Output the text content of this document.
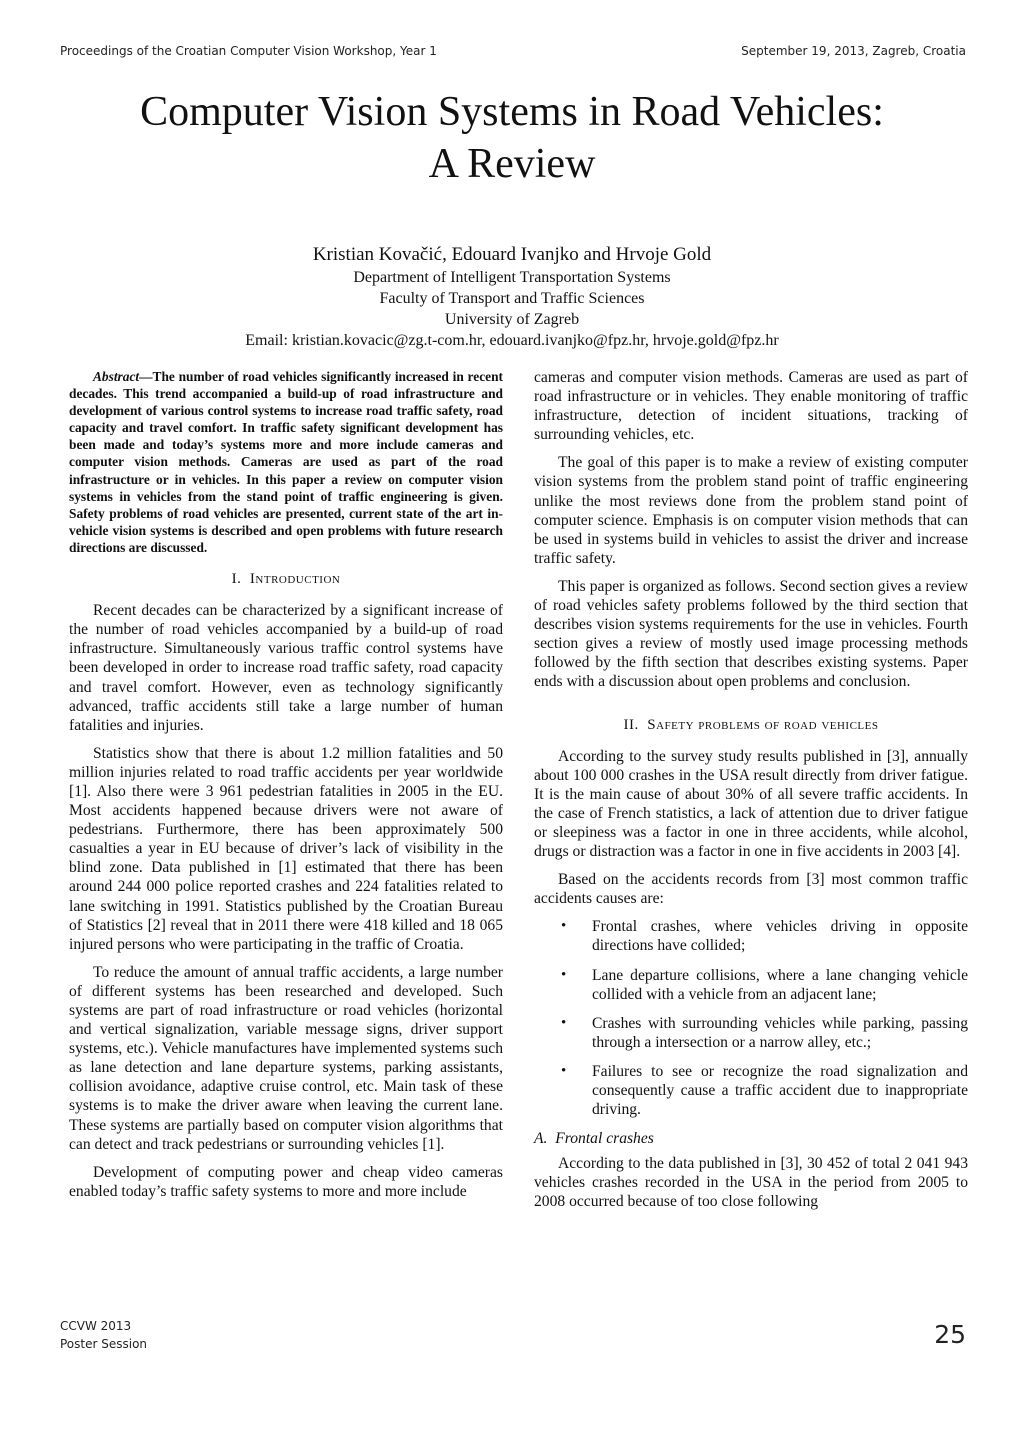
Proceedings of the Croatian Computer Vision Workshop, Year 1	September 19, 2013, Zagreb, Croatia
Computer Vision Systems in Road Vehicles:
A Review
Kristian Kovačić, Edouard Ivanjko and Hrvoje Gold
Department of Intelligent Transportation Systems
Faculty of Transport and Traffic Sciences
University of Zagreb
Email: kristian.kovacic@zg.t-com.hr, edouard.ivanjko@fpz.hr, hrvoje.gold@fpz.hr

Abstract—The number of road vehicles significantly increased in recent decades. This trend accompanied a build-up of road infrastructure and development of various control systems to increase road traffic safety, road capacity and travel comfort. In traffic safety significant development has been made and today’s systems more and more include cameras and computer vision methods. Cameras are used as part of the road infrastructure or in vehicles. In this paper a review on computer vision systems in vehicles from the stand point of traffic engineering is given. Safety problems of road vehicles are presented, current state of the art in-vehicle vision systems is described and open problems with future research directions are discussed.

I. Introduction

Recent decades can be characterized by a significant increase of the number of road vehicles accompanied by a build-up of road infrastructure. Simultaneously various traffic control systems have been developed in order to increase road traffic safety, road capacity and travel comfort. However, even as technology significantly advanced, traffic accidents still take a large number of human fatalities and injuries.

Statistics show that there is about 1.2 million fatalities and 50 million injuries related to road traffic accidents per year worldwide [1]. Also there were 3 961 pedestrian fatalities in 2005 in the EU. Most accidents happened because drivers were not aware of pedestrians. Furthermore, there has been approximately 500 casualties a year in EU because of driver’s lack of visibility in the blind zone. Data published in [1] estimated that there has been around 244 000 police reported crashes and 224 fatalities related to lane switching in 1991. Statistics published by the Croatian Bureau of Statistics [2] reveal that in 2011 there were 418 killed and 18 065 injured persons who were participating in the traffic of Croatia.

To reduce the amount of annual traffic accidents, a large number of different systems has been researched and developed. Such systems are part of road infrastructure or road vehicles (horizontal and vertical signalization, variable message signs, driver support systems, etc.). Vehicle manufactures have implemented systems such as lane detection and lane departure systems, parking assistants, collision avoidance, adaptive cruise control, etc. Main task of these systems is to make the driver aware when leaving the current lane. These systems are partially based on computer vision algorithms that can detect and track pedestrians or surrounding vehicles [1].

Development of computing power and cheap video cameras enabled today’s traffic safety systems to more and more include

cameras and computer vision methods. Cameras are used as part of road infrastructure or in vehicles. They enable monitoring of traffic infrastructure, detection of incident situations, tracking of surrounding vehicles, etc.

The goal of this paper is to make a review of existing computer vision systems from the problem stand point of traffic engineering unlike the most reviews done from the problem stand point of computer science. Emphasis is on computer vision methods that can be used in systems build in vehicles to assist the driver and increase traffic safety.

This paper is organized as follows. Second section gives a review of road vehicles safety problems followed by the third section that describes vision systems requirements for the use in vehicles. Fourth section gives a review of mostly used image processing methods followed by the fifth section that describes existing systems. Paper ends with a discussion about open problems and conclusion.

II. Safety problems of road vehicles

According to the survey study results published in [3], annually about 100 000 crashes in the USA result directly from driver fatigue. It is the main cause of about 30% of all severe traffic accidents. In the case of French statistics, a lack of attention due to driver fatigue or sleepiness was a factor in one in three accidents, while alcohol, drugs or distraction was a factor in one in five accidents in 2003 [4].

Based on the accidents records from [3] most common traffic accidents causes are:

• Frontal crashes, where vehicles driving in opposite directions have collided;
• Lane departure collisions, where a lane changing vehicle collided with a vehicle from an adjacent lane;
• Crashes with surrounding vehicles while parking, passing through a intersection or a narrow alley, etc.;
• Failures to see or recognize the road signalization and consequently cause a traffic accident due to inappropriate driving.
A. Frontal crashes

According to the data published in [3], 30 452 of total 2 041 943 vehicles crashes recorded in the USA in the period from 2005 to 2008 occurred because of too close following

CCVW 2013
Poster Session	25
